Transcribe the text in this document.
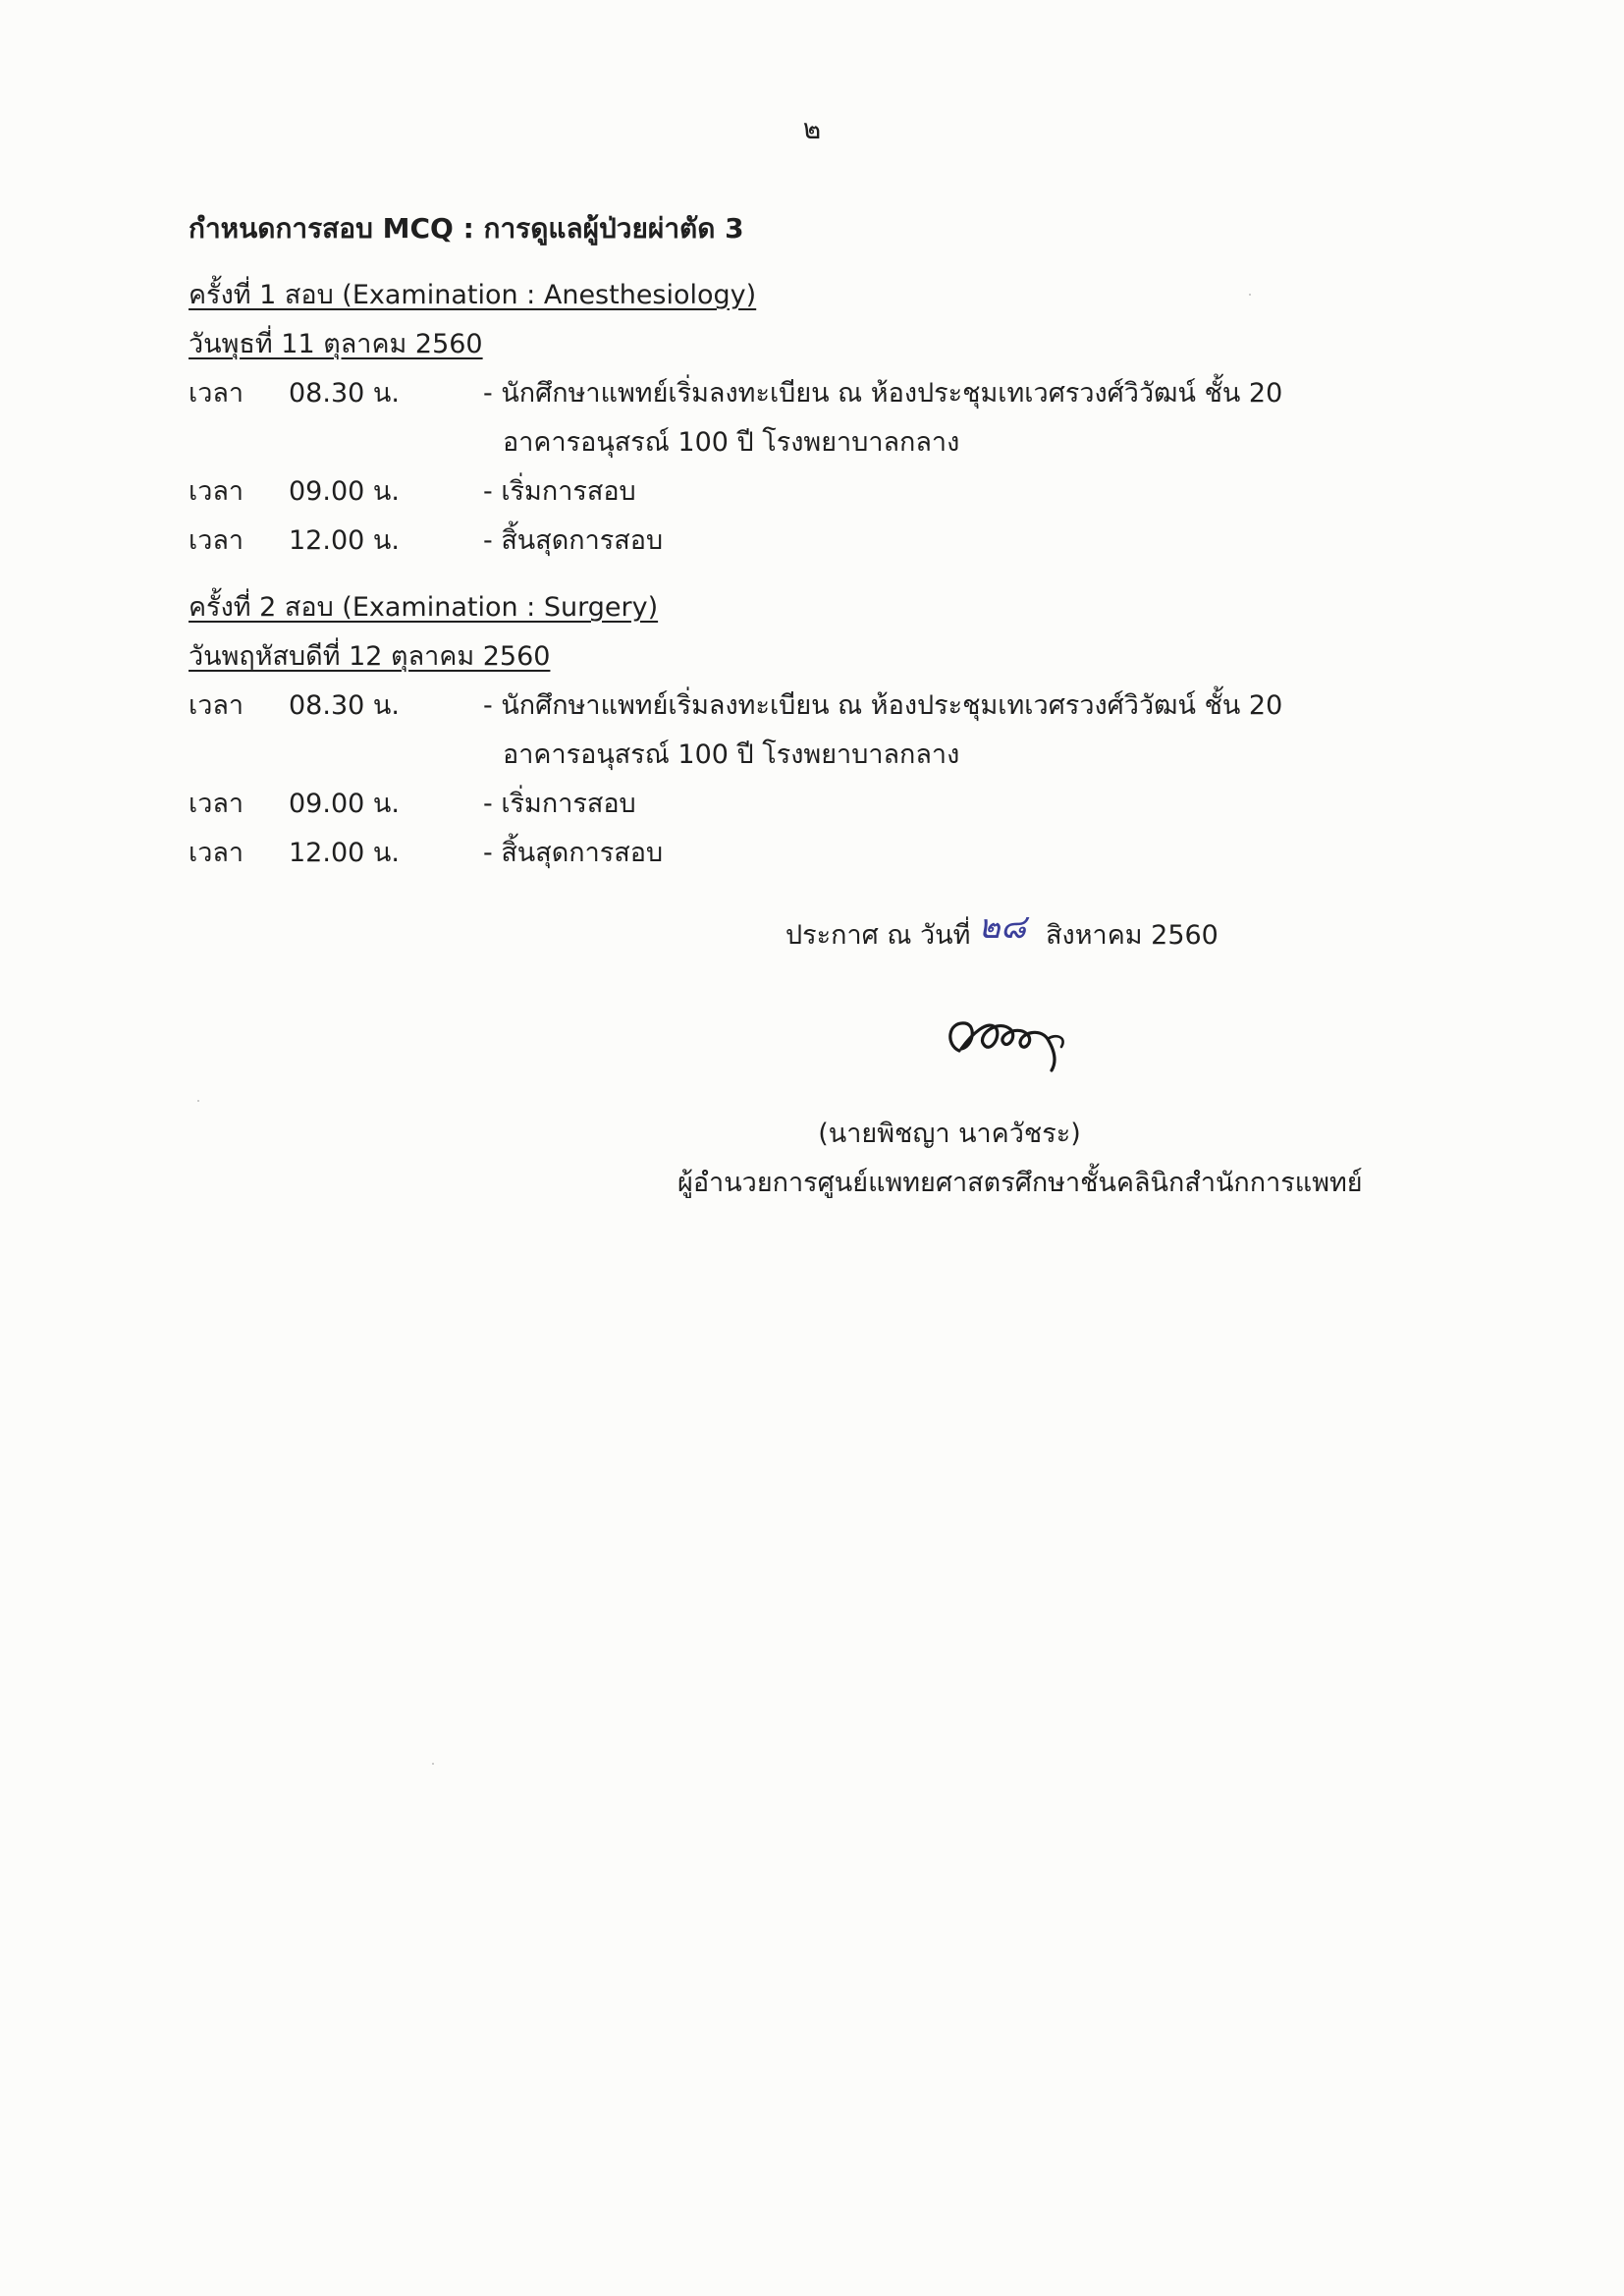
๒
กำหนดการสอบ MCQ : การดูแลผู้ป่วยผ่าตัด 3
ครั้งที่ 1 สอบ (Examination : Anesthesiology)
วันพุธที่ 11 ตุลาคม 2560
เวลา	08.30 น.	- นักศึกษาแพทย์เริ่มลงทะเบียน ณ ห้องประชุมเทเวศรวงศ์วิวัฒน์ ชั้น 20
อาคารอนุสรณ์ 100 ปี โรงพยาบาลกลาง
เวลา	09.00 น.	- เริ่มการสอบ
เวลา	12.00 น.	- สิ้นสุดการสอบ
ครั้งที่ 2 สอบ (Examination : Surgery)
วันพฤหัสบดีที่ 12 ตุลาคม 2560
เวลา	08.30 น.	- นักศึกษาแพทย์เริ่มลงทะเบียน ณ ห้องประชุมเทเวศรวงศ์วิวัฒน์ ชั้น 20
อาคารอนุสรณ์ 100 ปี โรงพยาบาลกลาง
เวลา	09.00 น.	- เริ่มการสอบ
เวลา	12.00 น.	- สิ้นสุดการสอบ
ประกาศ ณ วันที่ ๒๘ สิงหาคม 2560
(นายพิชญา นาควัชระ)
ผู้อำนวยการศูนย์แพทยศาสตรศึกษาชั้นคลินิกสำนักการแพทย์
